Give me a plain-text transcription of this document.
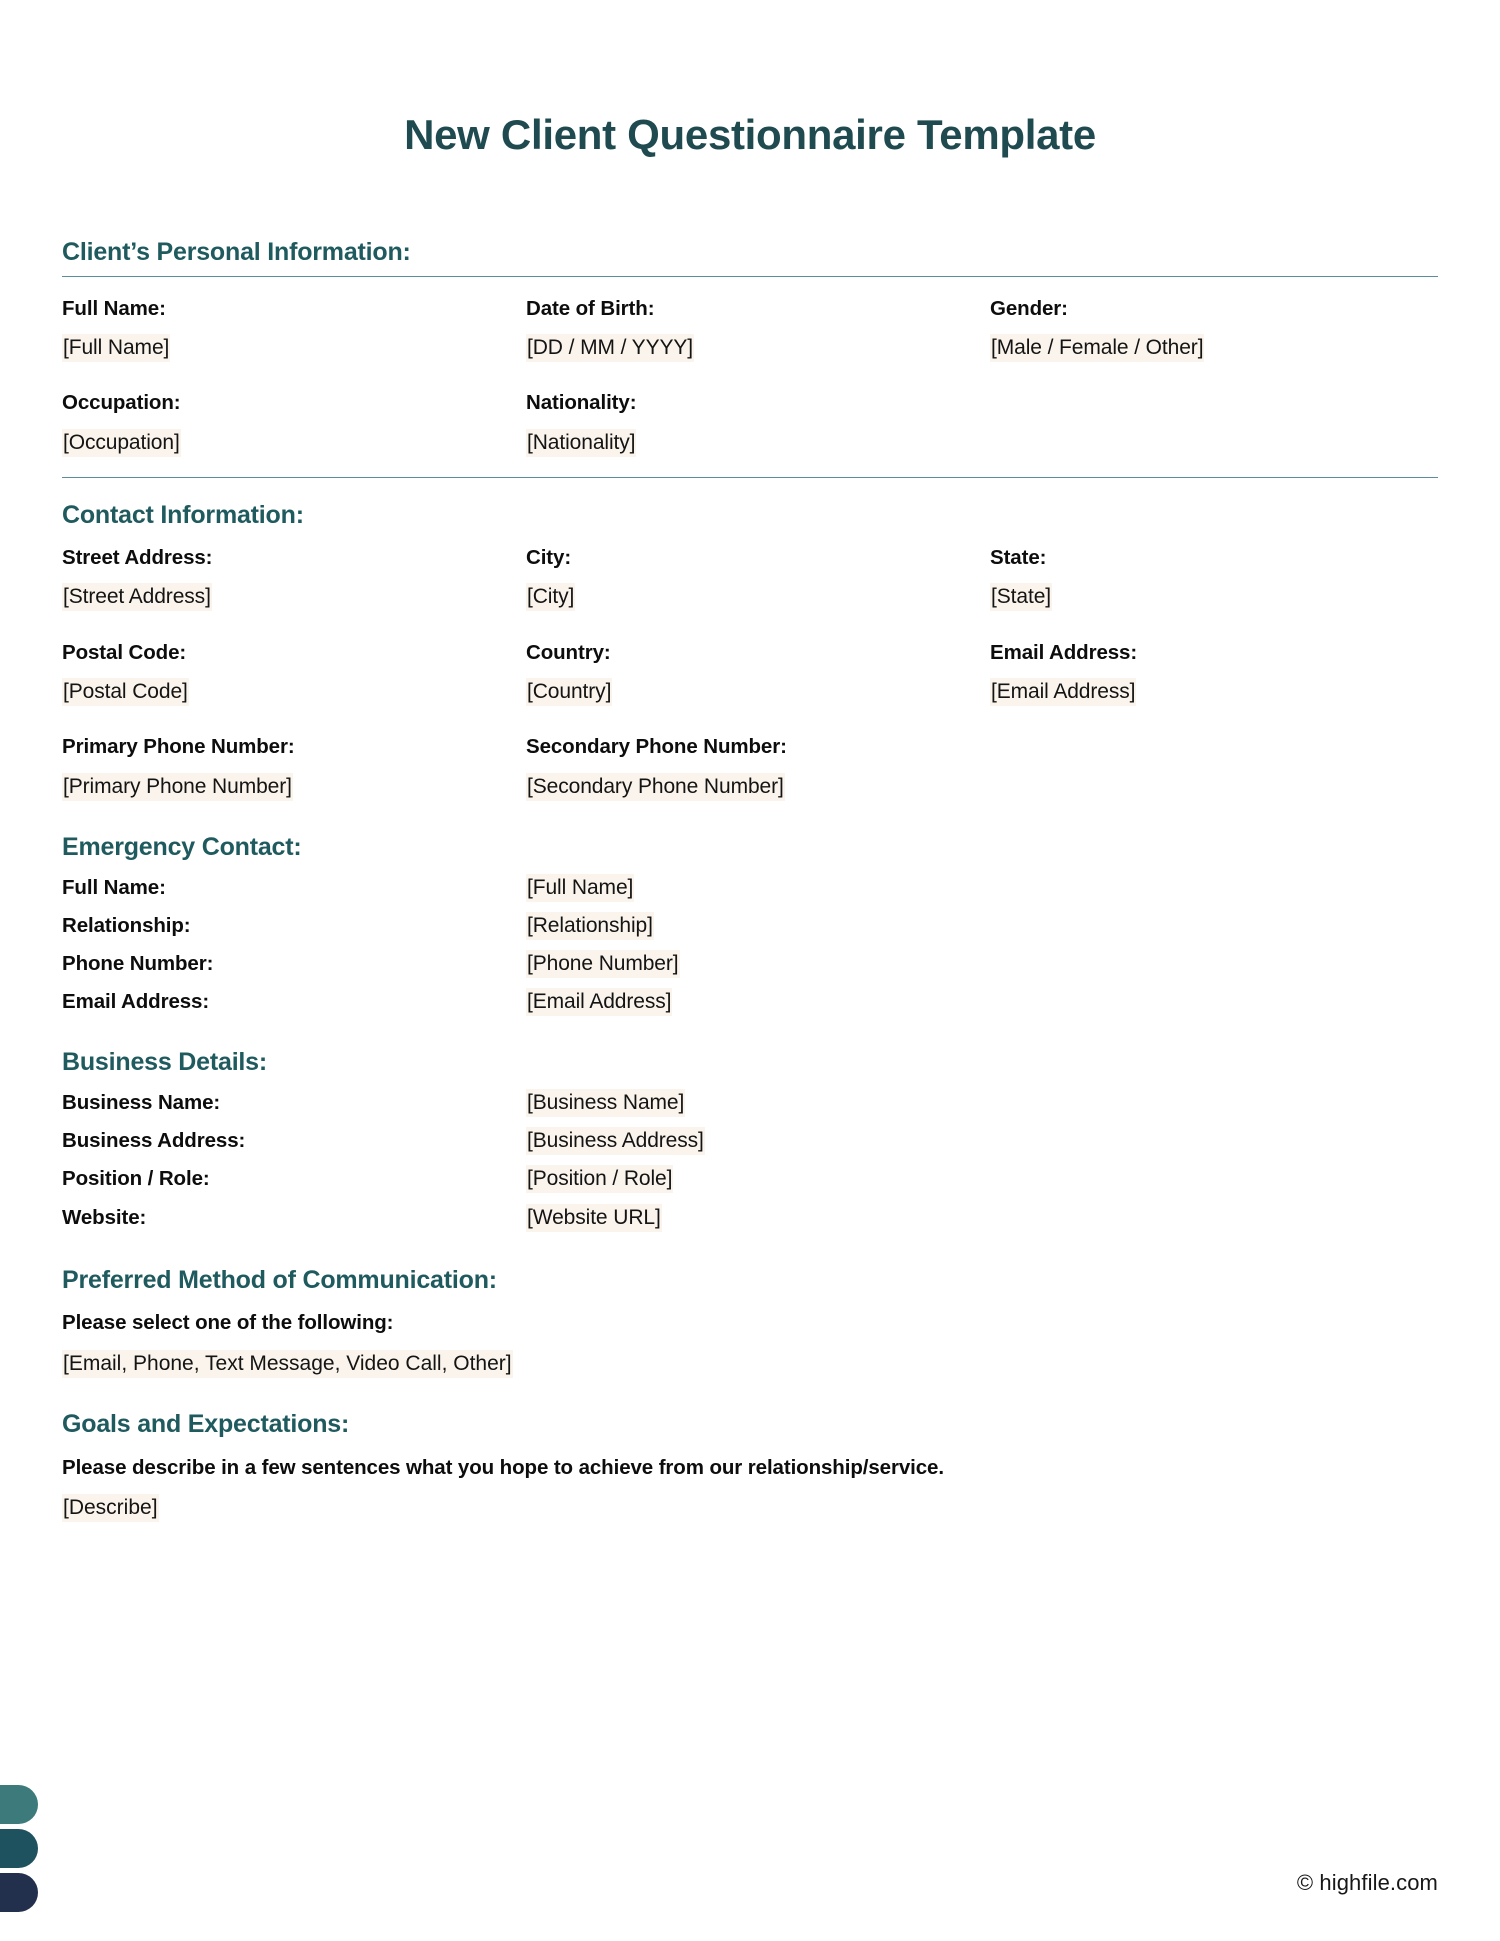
New Client Questionnaire Template
Client’s Personal Information:
Full Name:
[Full Name]
Date of Birth:
[DD / MM / YYYY]
Gender:
[Male / Female / Other]
Occupation:
[Occupation]
Nationality:
[Nationality]
Contact Information:
Street Address:
[Street Address]
City:
[City]
State:
[State]
Postal Code:
[Postal Code]
Country:
[Country]
Email Address:
[Email Address]
Primary Phone Number:
[Primary Phone Number]
Secondary Phone Number:
[Secondary Phone Number]
Emergency Contact:
Full Name:	[Full Name]
Relationship:	[Relationship]
Phone Number:	[Phone Number]
Email Address:	[Email Address]
Business Details:
Business Name:	[Business Name]
Business Address:	[Business Address]
Position / Role:	[Position / Role]
Website:	[Website URL]
Preferred Method of Communication:
Please select one of the following:
[Email, Phone, Text Message, Video Call, Other]
Goals and Expectations:
Please describe in a few sentences what you hope to achieve from our relationship/service.
[Describe]
© highfile.com
